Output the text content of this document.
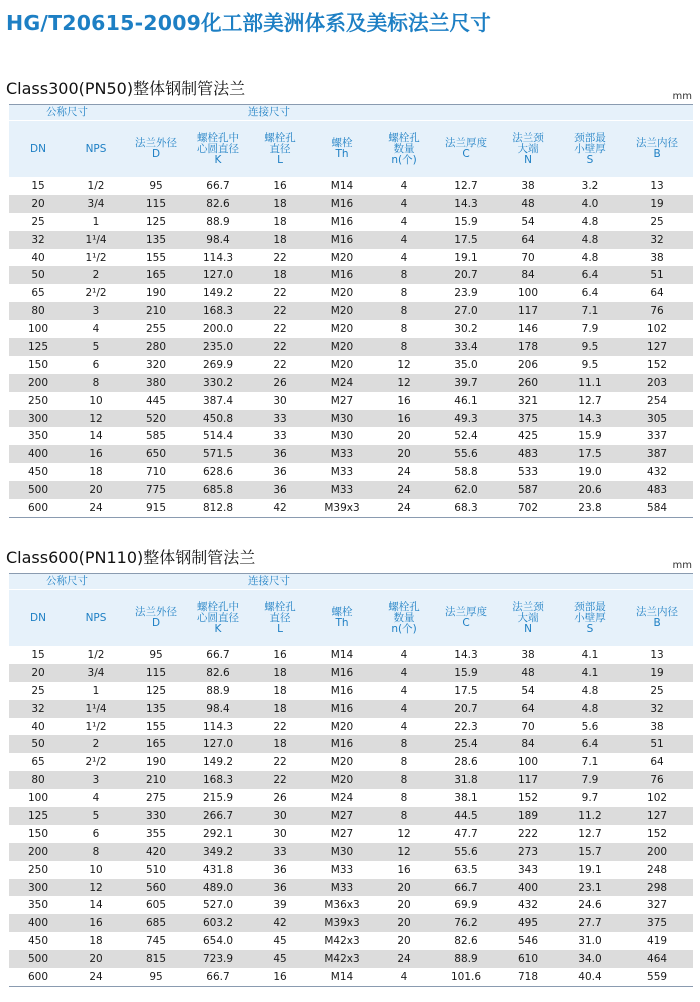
HG/T20615-2009化工部美洲体系及美标法兰尺寸
Class300(PN50)整体钢制管法兰	mm
公称尺寸		连接尺寸								
DN	NPS	法兰外径
D	螺栓孔中
心圆直径
K	螺栓孔
直径
L	螺栓
Th	螺栓孔
数量
n(个)	法兰厚度
C	法兰颈
大端
N	颈部最
小壁厚
S	法兰内径
B
15	1/2	95	66.7	16	M14	4	12.7	38	3.2	13
20	3/4	115	82.6	18	M16	4	14.3	48	4.0	19
25	1	125	88.9	18	M16	4	15.9	54	4.8	25
32	1¹/4	135	98.4	18	M16	4	17.5	64	4.8	32
40	1¹/2	155	114.3	22	M20	4	19.1	70	4.8	38
50	2	165	127.0	18	M16	8	20.7	84	6.4	51
65	2¹/2	190	149.2	22	M20	8	23.9	100	6.4	64
80	3	210	168.3	22	M20	8	27.0	117	7.1	76
100	4	255	200.0	22	M20	8	30.2	146	7.9	102
125	5	280	235.0	22	M20	8	33.4	178	9.5	127
150	6	320	269.9	22	M20	12	35.0	206	9.5	152
200	8	380	330.2	26	M24	12	39.7	260	11.1	203
250	10	445	387.4	30	M27	16	46.1	321	12.7	254
300	12	520	450.8	33	M30	16	49.3	375	14.3	305
350	14	585	514.4	33	M30	20	52.4	425	15.9	337
400	16	650	571.5	36	M33	20	55.6	483	17.5	387
450	18	710	628.6	36	M33	24	58.8	533	19.0	432
500	20	775	685.8	36	M33	24	62.0	587	20.6	483
600	24	915	812.8	42	M39x3	24	68.3	702	23.8	584
Class600(PN110)整体钢制管法兰	mm
公称尺寸		连接尺寸								
DN	NPS	法兰外径
D	螺栓孔中
心圆直径
K	螺栓孔
直径
L	螺栓
Th	螺栓孔
数量
n(个)	法兰厚度
C	法兰颈
大端
N	颈部最
小壁厚
S	法兰内径
B
15	1/2	95	66.7	16	M14	4	14.3	38	4.1	13
20	3/4	115	82.6	18	M16	4	15.9	48	4.1	19
25	1	125	88.9	18	M16	4	17.5	54	4.8	25
32	1¹/4	135	98.4	18	M16	4	20.7	64	4.8	32
40	1¹/2	155	114.3	22	M20	4	22.3	70	5.6	38
50	2	165	127.0	18	M16	8	25.4	84	6.4	51
65	2¹/2	190	149.2	22	M20	8	28.6	100	7.1	64
80	3	210	168.3	22	M20	8	31.8	117	7.9	76
100	4	275	215.9	26	M24	8	38.1	152	9.7	102
125	5	330	266.7	30	M27	8	44.5	189	11.2	127
150	6	355	292.1	30	M27	12	47.7	222	12.7	152
200	8	420	349.2	33	M30	12	55.6	273	15.7	200
250	10	510	431.8	36	M33	16	63.5	343	19.1	248
300	12	560	489.0	36	M33	20	66.7	400	23.1	298
350	14	605	527.0	39	M36x3	20	69.9	432	24.6	327
400	16	685	603.2	42	M39x3	20	76.2	495	27.7	375
450	18	745	654.0	45	M42x3	20	82.6	546	31.0	419
500	20	815	723.9	45	M42x3	24	88.9	610	34.0	464
600	24	95	66.7	16	M14	4	101.6	718	40.4	559
